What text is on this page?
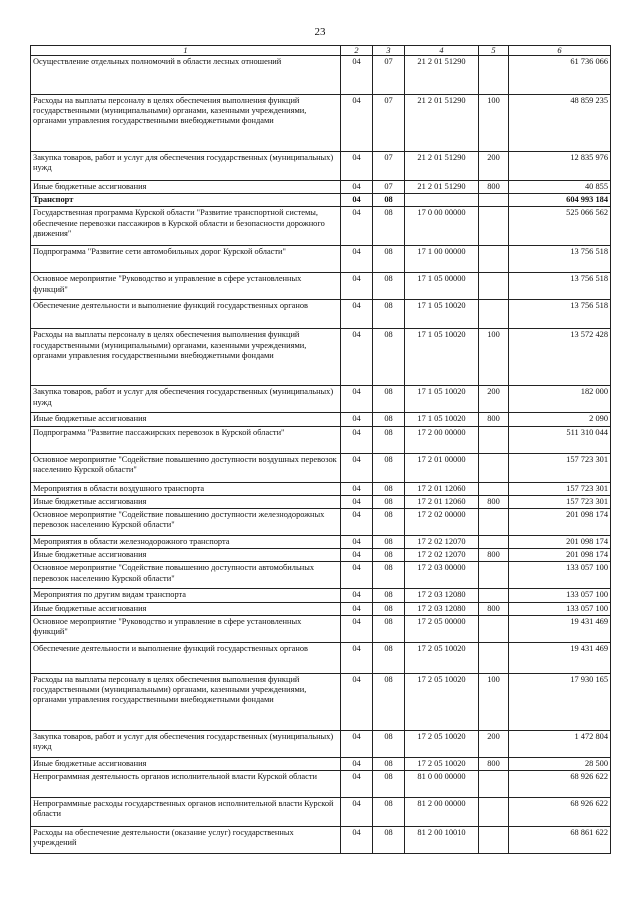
23
1	2	3	4	5	6
Осуществление отдельных полномочий в области лесных отношений	04	07	21 2 01 51290		61 736 066
Расходы на выплаты персоналу в целях обеспечения выполнения функций государственными (муниципальными) органами, казенными учреждениями, органами управления государственными внебюджетными фондами	04	07	21 2 01 51290	100	48 859 235
Закупка товаров, работ и услуг для обеспечения государственных (муниципальных) нужд	04	07	21 2 01 51290	200	12 835 976
Иные бюджетные ассигнования	04	07	21 2 01 51290	800	40 855
Транспорт	04	08			604 993 184
Государственная программа Курской области "Развитие транспортной системы, обеспечение перевозки пассажиров в Курской области и безопасности дорожного движения"	04	08	17 0 00 00000		525 066 562
Подпрограмма "Развитие сети автомобильных дорог Курской области"	04	08	17 1 00 00000		13 756 518
Основное мероприятие "Руководство и управление в сфере установленных функций"	04	08	17 1 05 00000		13 756 518
Обеспечение деятельности и выполнение функций государственных органов	04	08	17 1 05 10020		13 756 518
Расходы на выплаты персоналу в целях обеспечения выполнения функций государственными (муниципальными) органами, казенными учреждениями, органами управления государственными внебюджетными фондами	04	08	17 1 05 10020	100	13 572 428
Закупка товаров, работ и услуг для обеспечения государственных (муниципальных) нужд	04	08	17 1 05 10020	200	182 000
Иные бюджетные ассигнования	04	08	17 1 05 10020	800	2 090
Подпрограмма "Развитие пассажирских перевозок в Курской области"	04	08	17 2 00 00000		511 310 044
Основное мероприятие "Содействие повышению доступности воздушных перевозок населению Курской области"	04	08	17 2 01 00000		157 723 301
Мероприятия в области воздушного транспорта	04	08	17 2 01 12060		157 723 301
Иные бюджетные ассигнования	04	08	17 2 01 12060	800	157 723 301
Основное мероприятие "Содействие повышению доступности железнодорожных перевозок населению Курской области"	04	08	17 2 02 00000		201 098 174
Мероприятия в области железнодорожного транспорта	04	08	17 2 02 12070		201 098 174
Иные бюджетные ассигнования	04	08	17 2 02 12070	800	201 098 174
Основное мероприятие "Содействие повышению доступности автомобильных перевозок населению Курской области"	04	08	17 2 03 00000		133 057 100
Мероприятия по другим видам транспорта	04	08	17 2 03 12080		133 057 100
Иные бюджетные ассигнования	04	08	17 2 03 12080	800	133 057 100
Основное мероприятие "Руководство и управление в сфере установленных функций"	04	08	17 2 05 00000		19 431 469
Обеспечение деятельности и выполнение функций государственных органов	04	08	17 2 05 10020		19 431 469
Расходы на выплаты персоналу в целях обеспечения выполнения функций государственными (муниципальными) органами, казенными учреждениями, органами управления государственными внебюджетными фондами	04	08	17 2 05 10020	100	17 930 165
Закупка товаров, работ и услуг для обеспечения государственных (муниципальных) нужд	04	08	17 2 05 10020	200	1 472 804
Иные бюджетные ассигнования	04	08	17 2 05 10020	800	28 500
Непрограммная деятельность органов исполнительной власти Курской области	04	08	81 0 00 00000		68 926 622
Непрограммные расходы государственных органов исполнительной власти Курской области	04	08	81 2 00 00000		68 926 622
Расходы на обеспечение деятельности (оказание услуг) государственных учреждений	04	08	81 2 00 10010		68 861 622
